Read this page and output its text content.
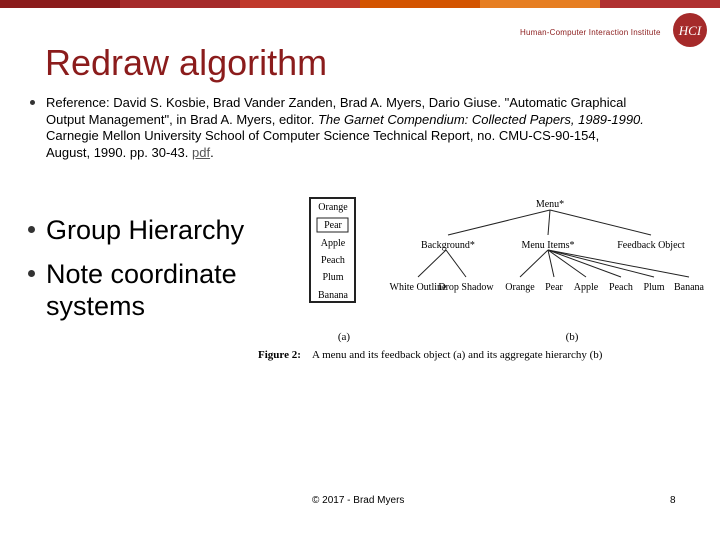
Human-Computer Interaction Institute HCI
Redraw algorithm
Reference: David S. Kosbie, Brad Vander Zanden, Brad A. Myers, Dario Giuse. "Automatic Graphical Output Management", in Brad A. Myers, editor. The Garnet Compendium: Collected Papers, 1989-1990. Carnegie Mellon University School of Computer Science Technical Report, no. CMU-CS-90-154, August, 1990. pp. 30-43. pdf.
Group Hierarchy
Note coordinate systems
Orange
Pear
Apple
Peach
Plum
Banana
Menu*
Background*	Menu Items*	Feedback Object
White Outline
Drop Shadow Orange Pear Apple Peach Plum Banana
(a)	(b)
Figure 2: A menu and its feedback object (a) and its aggregate hierarchy (b)
© 2017 - Brad Myers	8
